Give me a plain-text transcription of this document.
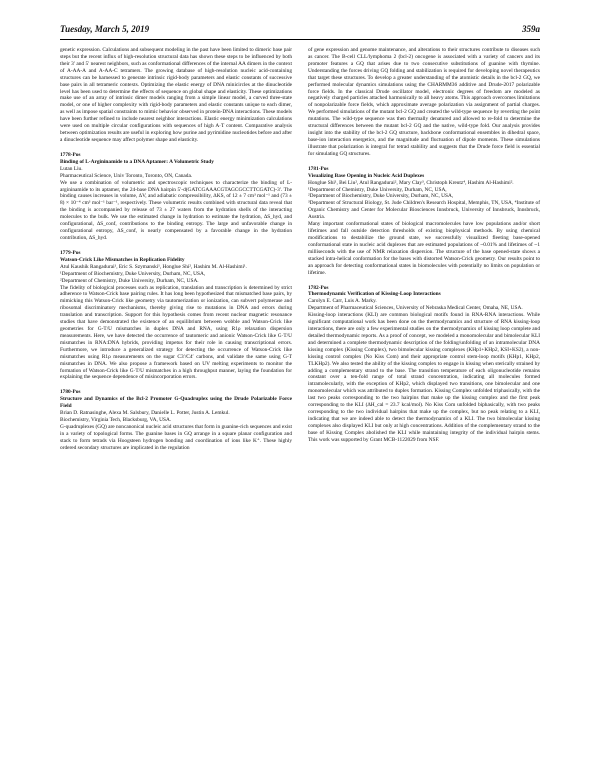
Tuesday, March 5, 2019	359a

genetic expression. Calculations and subsequent modeling in the past have been limited to dimeric base pair steps but the recent influx of high-resolution structural data has shown these steps to be influenced by both their 3′ and 5′ nearest neighbors, such as conformational differences of the internal AA dimers in the context of A-AA-A and A-AA-C tetramers. The growing database of high-resolution nucleic acid-containing structures can be harnessed to generate intrinsic rigid-body parameters and elastic constants of successive base pairs in all tetrameric contexts. Optimizing the elastic energy of DNA minicircles at the dinucleotide level has been used to determine the effects of sequence on global shape and elasticity. These optimizations make use of an array of intrinsic dimer models ranging from a simple linear model, a curved three-state model, or one of higher complexity with rigid-body parameters and elastic constants unique to each dimer, as well as impose spatial constraints to mimic behavior observed in protein-DNA interactions. These models have been further refined to include nearest neighbor interactions. Elastic energy minimization calculations were used on multiple circular configurations with sequences of high A·T content. Comparative analysis between optimization results are useful in exploring how purine and pyrimidine nucleotides before and after a dinucleotide sequence may affect polymer shape and elasticity.

1778-Pos
Binding of L-Argininamide to a DNA Aptamer: A Volumetric Study
Lutan Liu.

Pharmaceutical Science, Univ Toronto, Toronto, ON, Canada.

We use a combination of volumetric and spectroscopic techniques to characterize the binding of L-argininamide to its aptamer, the 24-base DNA hairpin 5′-d(GATCGAAACGTAGCGCCTTCGATC)-3′. The binding causes increases in volume, ΔV, and adiabatic compressibility, ΔKS, of 12 ± 7 cm³ mol⁻¹ and (73 ± 8) × 10⁻⁴ cm³ mol⁻¹ bar⁻¹, respectively. These volumetric results combined with structural data reveal that the binding is accompanied by release of 73 ± 27 waters from the hydration shells of the interacting molecules to the bulk. We use the estimated change in hydration to estimate the hydration, ΔS_hyd, and configurational, ΔS_conf, contributions to the binding entropy. The large and unfavorable change in configurational entropy, ΔS_conf, is nearly compensated by a favorable change in the hydration contribution, ΔS_hyd.

1779-Pos
Watson-Crick Like Mismatches in Replication Fidelity
Atul Kaushik Rangadurai¹, Eric S. Szymanski¹, Honglue Shi², Hashim M. Al-Hashimi¹.

¹Department of Biochemistry, Duke University, Durham, NC, USA,

²Department of Chemistry, Duke University, Durham, NC, USA.

The fidelity of biological processes such as replication, translation and transcription is determined by strict adherence to Watson-Crick base pairing rules. It has long been hypothesized that mismatched base pairs, by mimicking this Watson-Crick like geometry via tautomerization or ionization, can subvert polymerase and ribosomal discriminatory mechanisms, thereby giving rise to mutations in DNA and errors during translation and transcription. Support for this hypothesis comes from recent nuclear magnetic resonance studies that have demonstrated the existence of an equilibrium between wobble and Watson-Crick like geometries for G-T/U mismatches in duplex DNA and RNA, using R1ρ relaxation dispersion measurements. Here, we have detected the occurrence of tautomeric and anionic Watson-Crick like G·T/U mismatches in RNA:DNA hybrids, providing impetus for their role in causing transcriptional errors. Furthermore, we introduce a generalized strategy for detecting the occurrence of Watson-Crick like mismatches using R1ρ measurements on the sugar C3′/C4′ carbons, and validate the same using G-T mismatches in DNA. We also propose a framework based on UV melting experiments to monitor the formation of Watson-Crick like G·T/U mismatches in a high throughput manner, laying the foundation for explaining the sequence dependence of misincorporation errors.

1780-Pos
Structure and Dynamics of the Bcl-2 Promoter G-Quadruplex using the Drude Polarizable Force Field
Brian D. Ratnasinghe, Alexa M. Salsbury, Danielle L. Potter, Justin A. Lemkul.

Biochemistry, Virginia Tech, Blacksburg, VA, USA.

G-quadruplexes (GQ) are noncanonical nucleic acid structures that form in guanine-rich sequences and exist in a variety of topological forms. The guanine bases in GQ arrange in a square planar configuration and stack to form tetrads via Hoogsteen hydrogen bonding and coordination of ions like K⁺. These highly ordered secondary structures are implicated in the regulation

of gene expression and genome maintenance, and alterations to their structures contribute to diseases such as cancer. The B-cell CLL/lymphoma 2 (bcl-2) oncogene is associated with a variety of cancers and its promoter features a GQ that arises due to two consecutive substitutions of guanine with thymine. Understanding the forces driving GQ folding and stabilization is required for developing novel therapeutics that target these structures. To develop a greater understanding of the atomistic details in the bcl-2 GQ, we performed molecular dynamics simulations using the CHARMM36 additive and Drude-2017 polarizable force fields. In the classical Drude oscillator model, electronic degrees of freedom are modeled as negatively charged particles attached harmonically to all heavy atoms. This approach overcomes limitations of nonpolarizable force fields, which approximate average polarization via assignment of partial charges. We performed simulations of the mutant bcl-2 GQ and created the wild-type sequence by reverting the point mutations. The wild-type sequence was then thermally denatured and allowed to re-fold to determine the structural differences between the mutant bcl-2 GQ and the native, wild-type fold. Our analysis provides insight into the stability of the bcl-2 GQ structure, backbone conformational ensembles in dihedral space, base-ion interaction energetics, and the magnitude and fluctuation of dipole moments. These simulations illustrate that polarization is integral for tetrad stability and suggests that the Drude force field is essential for simulating GQ structures.

1781-Pos
Visualizing Base Opening in Nucleic Acid Duplexes
Honglue Shi¹, Bei Liu², Atul Rangadurai², Mary Clay³, Christoph Kreutz⁴, Hashim Al-Hashimi².

¹Department of Chemistry, Duke University, Durham, NC, USA,

²Department of Biochemistry, Duke University, Durham, NC, USA,

³Department of Structural Biology, St. Jude Children's Research Hospital, Memphis, TN, USA, ⁴Institute of Organic Chemistry and Center for Molecular Biosciences Innsbruck, University of Innsbruck, Innsbruck, Austria.

Many important conformational states of biological macromolecules have low populations and/or short lifetimes and fall outside detection thresholds of existing biophysical methods. By using chemical modifications to destabilize the ground state, we successfully visualized fleeting base-opened conformational state in nucleic acid duplexes that are estimated populations of ~0.01% and lifetimes of ~1 milliseconds with the use of NMR relaxation dispersion. The structure of the base opened-state shows a stacked intra-helical conformation for the bases with distorted Watson-Crick geometry. Our results point to an approach for detecting conformational states in biomolecules with potentially no limits on population or lifetime.

1782-Pos
Thermodynamic Verification of Kissing-Loop Interactions
Carolyn E. Carr, Luis A. Marky.

Department of Pharmaceutical Sciences, University of Nebraska Medical Center, Omaha, NE, USA.

Kissing-loop interactions (KLI) are common biological motifs found in RNA-RNA interactions. While significant computational work has been done on the thermodynamics and structure of RNA kissing-loop interactions, there are only a few experimental studies on the thermodynamics of kissing loop complete and detailed thermodynamic reports. As a proof of concept, we modeled a monomolecular and bimolecular KLI and determined a complete thermodynamic description of the folding/unfolding of an intramolecular DNA kissing complex (Kissing Complex), two bimolecular kissing complexes (KHp1+KHp2, KSI+KS2), a non-kissing control complex (No Kiss Com) and their appropriate control stem-loop motifs (KHp1, KHp2, TLKHp2). We also tested the ability of the kissing complex to engage in kissing when sterically strained by adding a complementary strand to the base. The transition temperature of each oligonucleotide remains constant over a ten-fold range of total strand concentration, indicating all molecules formed intramolecularly, with the exception of KHp2, which displayed two transitions, one bimolecular and one monomolecular which was attributed to duplex formation. Kissing Complex unfolded triphasically, with the last two peaks corresponding to the two hairpins that make up the kissing complex and the first peak corresponding to the KLI (ΔH_cal = 23.7 kcal/mol). No Kiss Com unfolded biphasically, with two peaks corresponding to the two individual hairpins that make up the complex, but no peak relating to a KLI, indicating that we are indeed able to detect the thermodynamics of a KLI. The two bimolecular kissing complexes also displayed KLI but only at high concentrations. Addition of the complementary strand to the base of Kissing Complex abolished the KLI while maintaining integrity of the individual hairpin stems. This work was supported by Grant MCB-1122029 from NSF.
